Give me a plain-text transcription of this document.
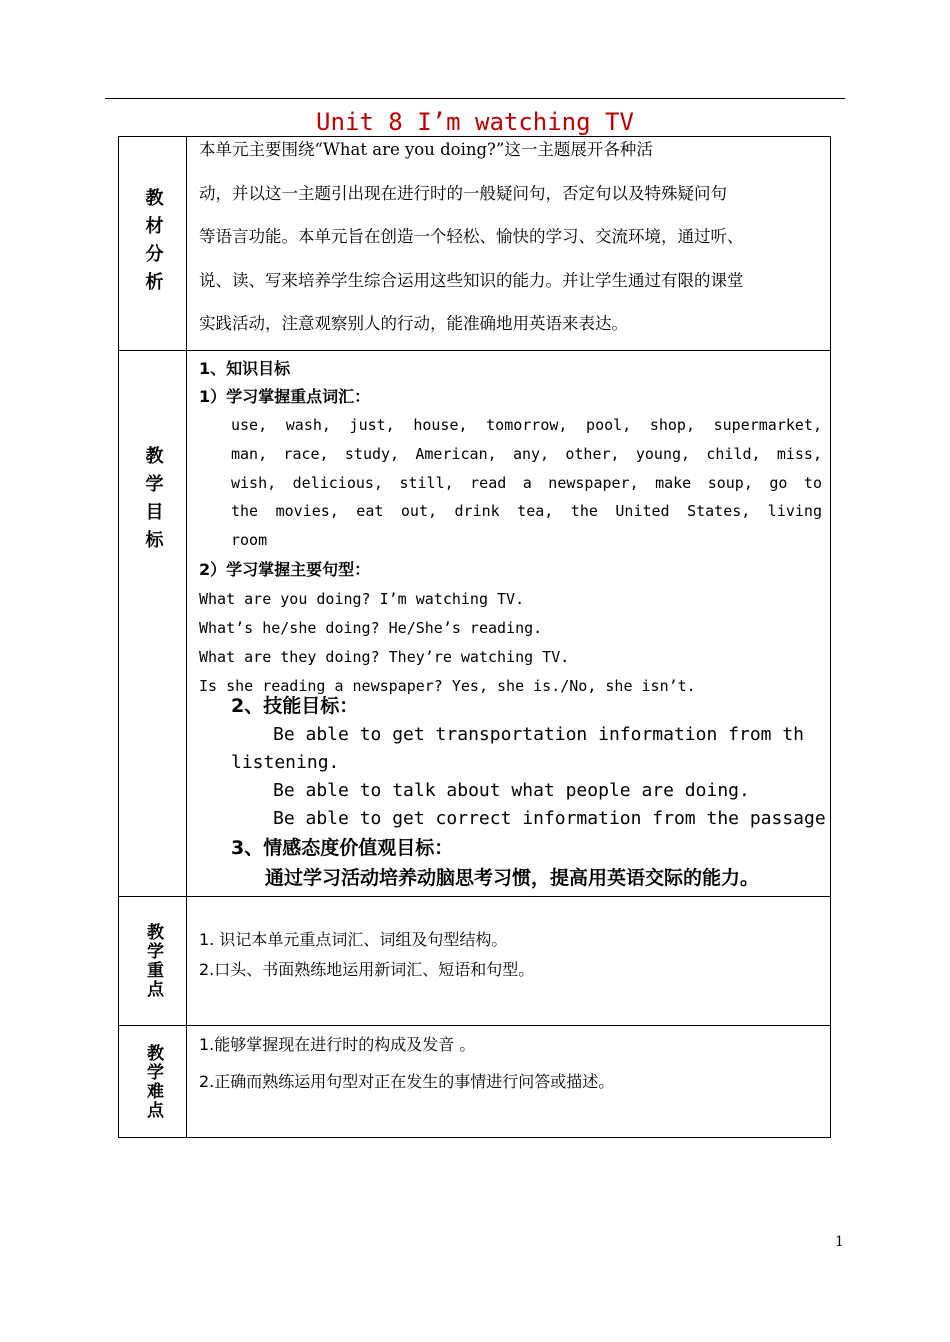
Unit 8 I’m watching TV
教材分析
本单元主要围绕“What are you doing?”这一主题展开各种活
动，并以这一主题引出现在进行时的一般疑问句，否定句以及特殊疑问句
等语言功能。本单元旨在创造一个轻松、愉快的学习、交流环境，通过听、
说、读、写来培养学生综合运用这些知识的能力。并让学生通过有限的课堂
实践活动，注意观察别人的行动，能准确地用英语来表达。
教学目标
1、知识目标
1）学习掌握重点词汇：
use, wash, just, house, tomorrow, pool, shop, supermarket,
man, race, study, American, any, other, young, child, miss,
wish, delicious, still, read a newspaper, make soup, go to
the movies, eat out, drink tea, the United States, living
room
2）学习掌握主要句型：
What are you doing? I’m watching TV.
What’s he/she doing? He/She’s reading.
What are they doing? They’re watching TV.
Is she reading a newspaper? Yes, she is./No, she isn’t.
2、技能目标：
Be able to get transportation information from th
listening.
Be able to talk about what people are doing.
Be able to get correct information from the passage
3、情感态度价值观目标：
通过学习活动培养动脑思考习惯，提高用英语交际的能力。
教学重点 1. 识记本单元重点词汇、词组及句型结构。
2.口头、书面熟练地运用新词汇、短语和句型。
教学难点 1.能够掌握现在进行时的构成及发音 。
2.正确而熟练运用句型对正在发生的事情进行问答或描述。
1
